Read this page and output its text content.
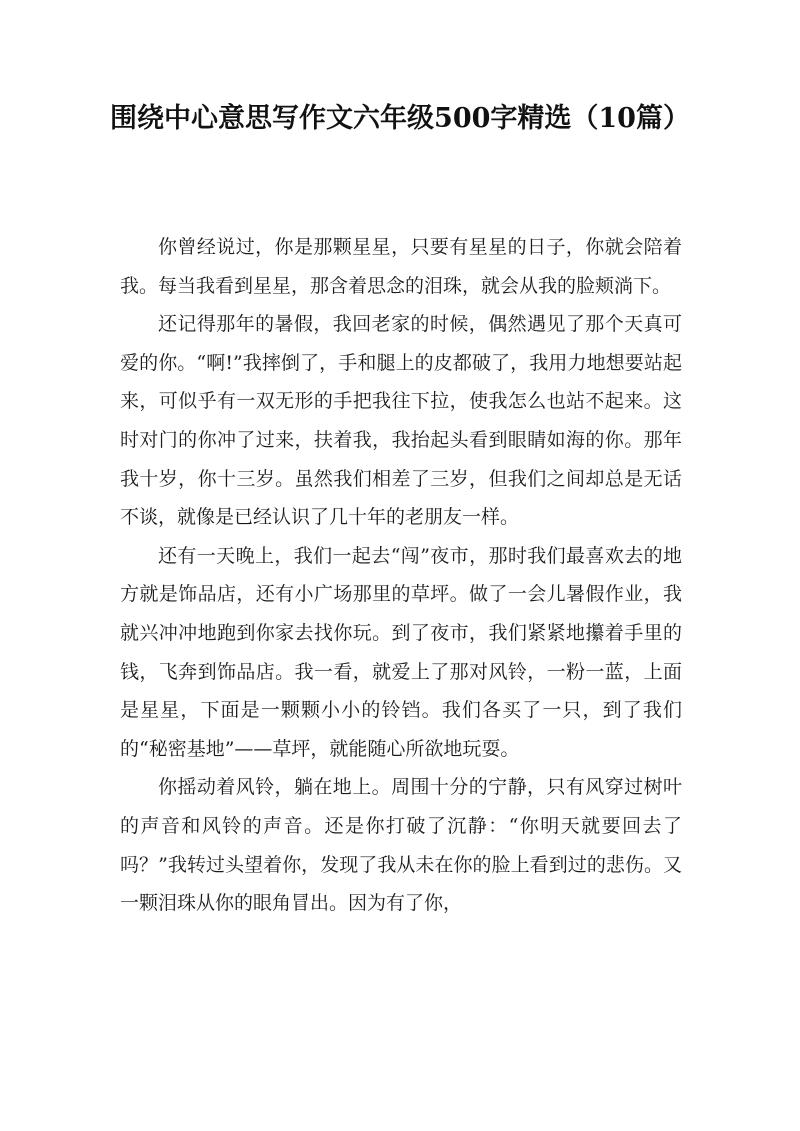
围绕中心意思写作文六年级500字精选（10篇）

你曾经说过，你是那颗星星，只要有星星的日子，你就会陪着我。每当我看到星星，那含着思念的泪珠，就会从我的脸颊淌下。

还记得那年的暑假，我回老家的时候，偶然遇见了那个天真可爱的你。“啊!”我摔倒了，手和腿上的皮都破了，我用力地想要站起来，可似乎有一双无形的手把我往下拉，使我怎么也站不起来。这时对门的你冲了过来，扶着我，我抬起头看到眼睛如海的你。那年我十岁，你十三岁。虽然我们相差了三岁，但我们之间却总是无话不谈，就像是已经认识了几十年的老朋友一样。

还有一天晚上，我们一起去“闯”夜市，那时我们最喜欢去的地方就是饰品店，还有小广场那里的草坪。做了一会儿暑假作业，我就兴冲冲地跑到你家去找你玩。到了夜市，我们紧紧地攥着手里的钱，飞奔到饰品店。我一看，就爱上了那对风铃，一粉一蓝，上面是星星，下面是一颗颗小小的铃铛。我们各买了一只，到了我们的“秘密基地”——草坪，就能随心所欲地玩耍。

你摇动着风铃，躺在地上。周围十分的宁静，只有风穿过树叶的声音和风铃的声音。还是你打破了沉静：“你明天就要回去了吗？”我转过头望着你，发现了我从未在你的脸上看到过的悲伤。又一颗泪珠从你的眼角冒出。因为有了你，
